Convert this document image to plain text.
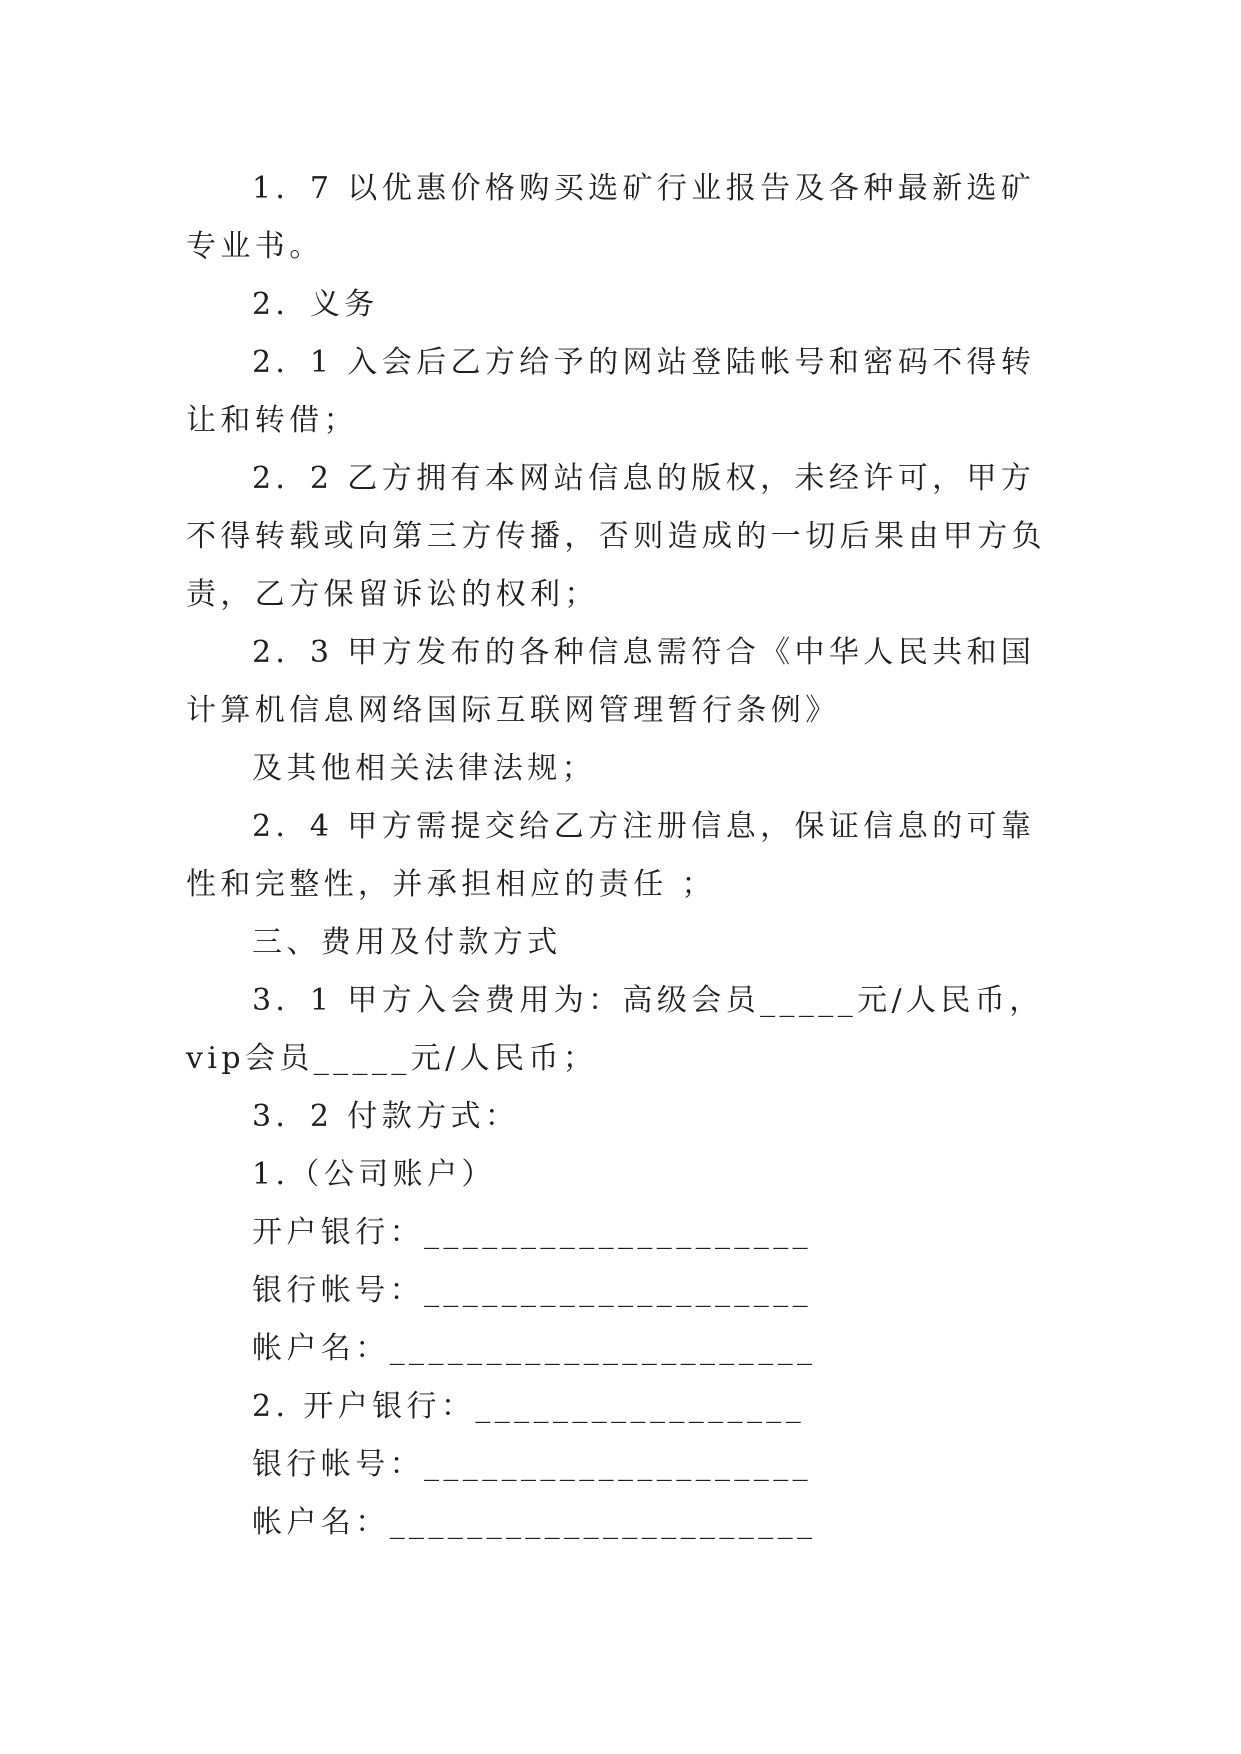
1．7 以优惠价格购买选矿行业报告及各种最新选矿专业书。

2．义务

2．1 入会后乙方给予的网站登陆帐号和密码不得转让和转借；

2．2 乙方拥有本网站信息的版权，未经许可，甲方不得转载或向第三方传播，否则造成的一切后果由甲方负责，乙方保留诉讼的权利；

2．3 甲方发布的各种信息需符合《中华人民共和国计算机信息网络国际互联网管理暂行条例》

及其他相关法律法规；

2．4 甲方需提交给乙方注册信息，保证信息的可靠性和完整性，并承担相应的责任 ；

三、费用及付款方式

3．1 甲方入会费用为：高级会员_____元/人民币，vip会员_____元/人民币；

3．2 付款方式：

1.（公司账户）

开户银行：____________________

银行帐号：____________________

帐户名：______________________

2. 开户银行：_________________

银行帐号：____________________

帐户名：______________________
